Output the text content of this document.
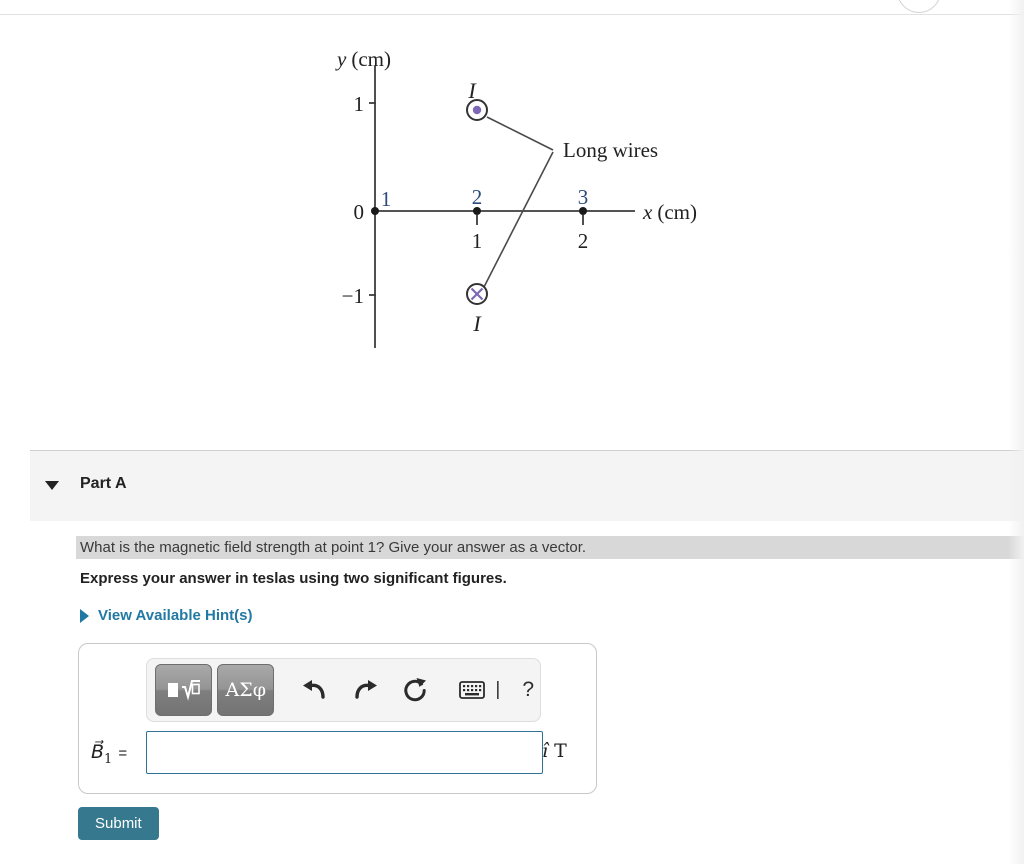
y (cm)
x (cm)
1
0
−1
1	2
1	2	3
Long wires
I
I
Part A
What is the magnetic field strength at point 1? Give your answer as a vector.

Express your answer in teslas using two significant figures.

View Available Hint(s)
ΑΣφ	| ?
$B⃗_1$ =	î T
Submit
